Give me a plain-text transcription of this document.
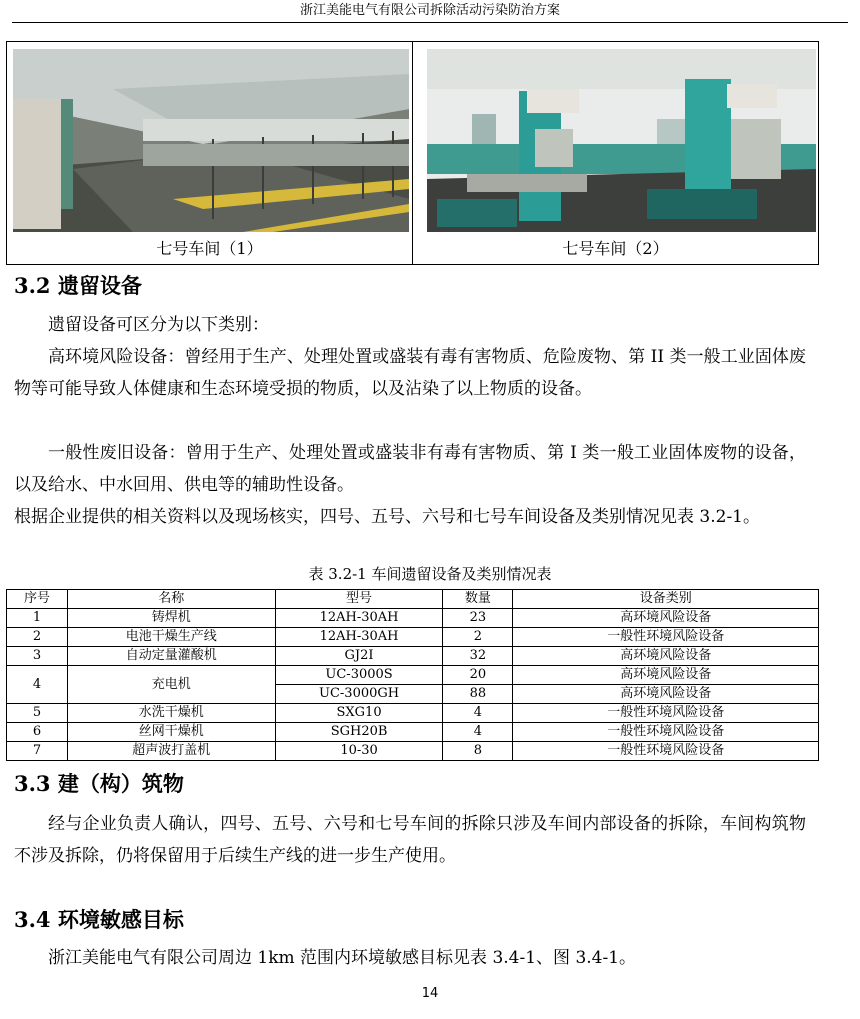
浙江美能电气有限公司拆除活动污染防治方案
七号车间（1）	七号车间（2）
3.2 遗留设备
遗留设备可区分为以下类别：
高环境风险设备：曾经用于生产、处理处置或盛装有毒有害物质、危险废物、第 II 类一般工业固体废物等可能导致人体健康和生态环境受损的物质，以及沾染了以上物质的设备。
一般性废旧设备：曾用于生产、处理处置或盛装非有毒有害物质、第 I 类一般工业固体废物的设备，以及给水、中水回用、供电等的辅助性设备。
根据企业提供的相关资料以及现场核实，四号、五号、六号和七号车间设备及类别情况见表 3.2-1。
表 3.2-1 车间遗留设备及类别情况表
序号	名称	型号	数量	设备类别
1	铸焊机	12AH-30AH	23	高环境风险设备
2	电池干燥生产线	12AH-30AH	2	一般性环境风险设备
3	自动定量灌酸机	GJ2I	32	高环境风险设备
4	充电机	UC-3000S	20	高环境风险设备
		UC-3000GH	88	高环境风险设备
5	水洗干燥机	SXG10	4	一般性环境风险设备
6	丝网干燥机	SGH20B	4	一般性环境风险设备
7	超声波打盖机	10-30	8	一般性环境风险设备
3.3 建（构）筑物
经与企业负责人确认，四号、五号、六号和七号车间的拆除只涉及车间内部设备的拆除，车间构筑物不涉及拆除，仍将保留用于后续生产线的进一步生产使用。
3.4 环境敏感目标
浙江美能电气有限公司周边 1km 范围内环境敏感目标见表 3.4-1、图 3.4-1。
14
